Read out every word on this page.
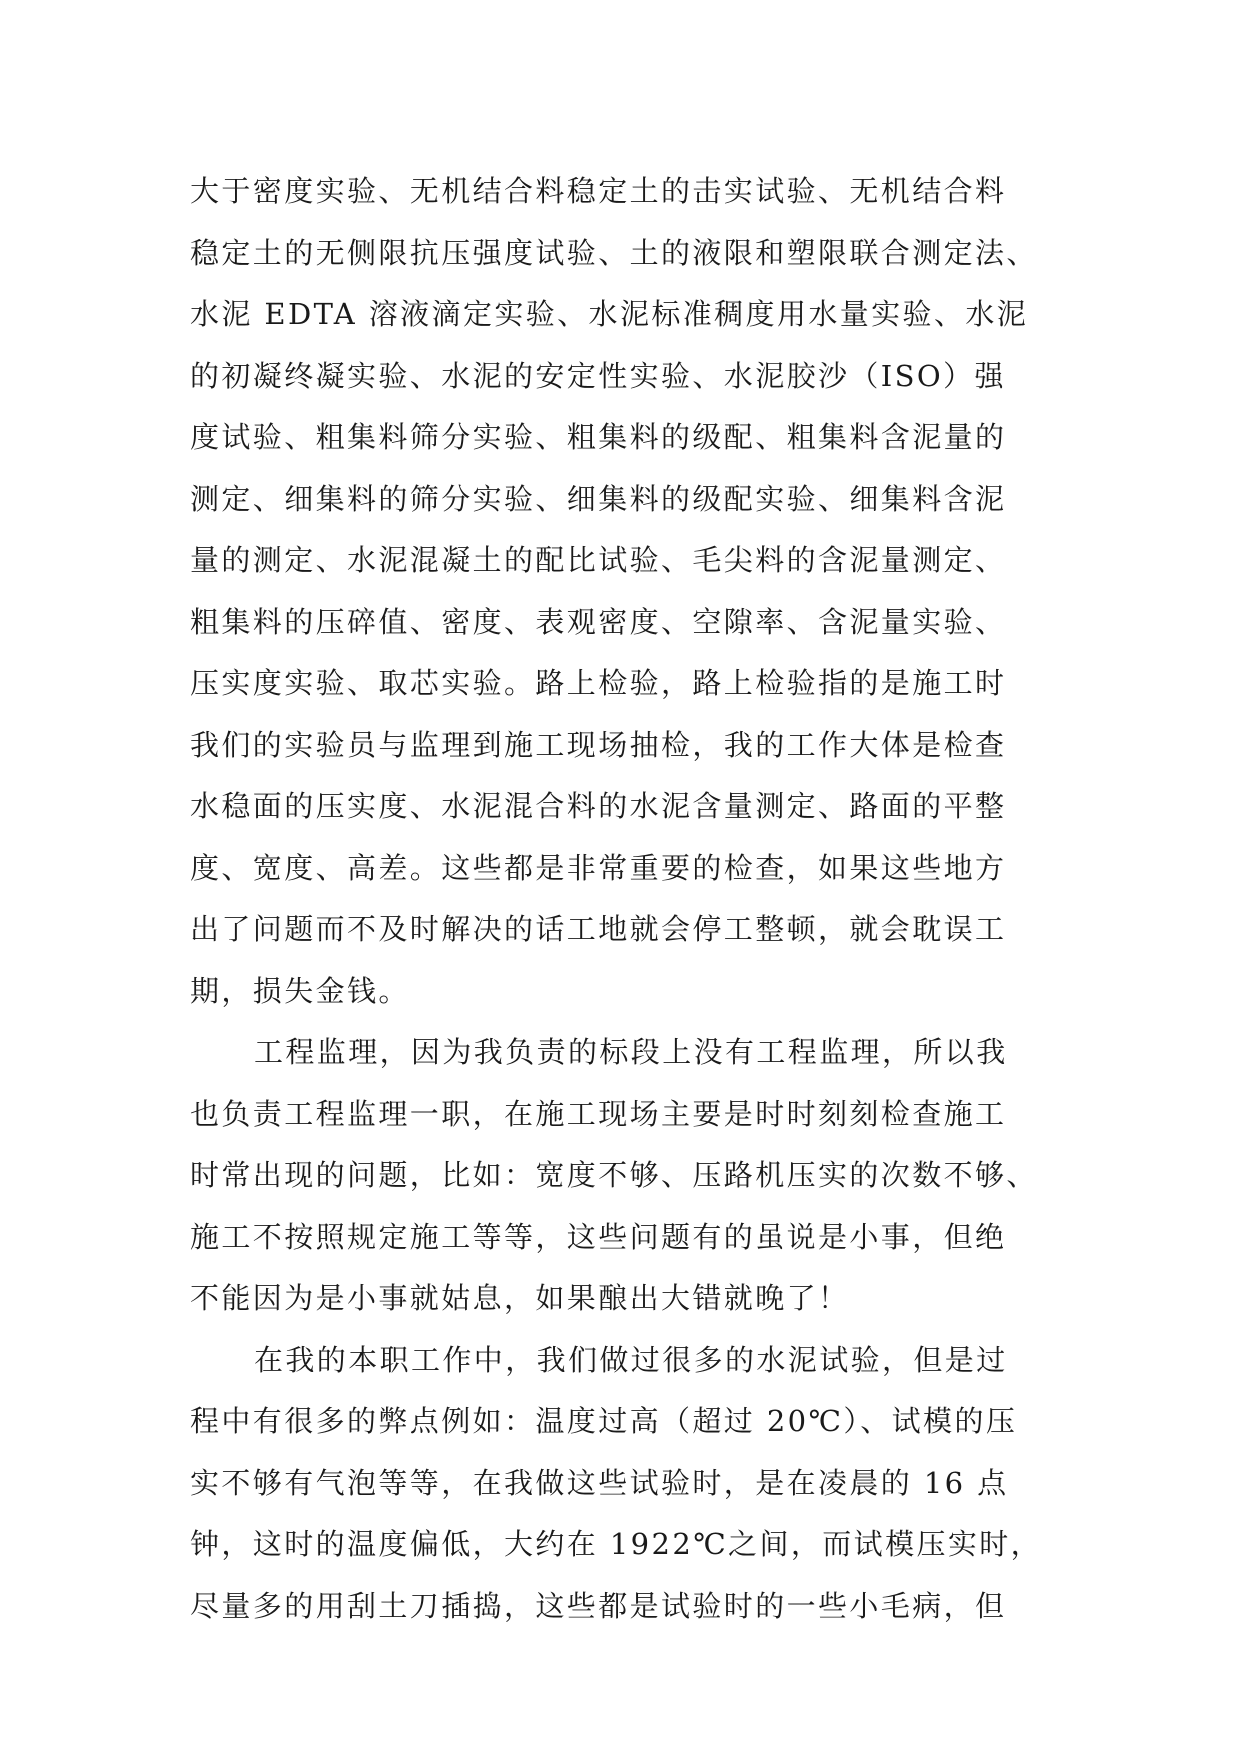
大于密度实验、无机结合料稳定土的击实试验、无机结合料
稳定土的无侧限抗压强度试验、土的液限和塑限联合测定法、
水泥 EDTA 溶液滴定实验、水泥标准稠度用水量实验、水泥
的初凝终凝实验、水泥的安定性实验、水泥胶沙（ISO）强
度试验、粗集料筛分实验、粗集料的级配、粗集料含泥量的
测定、细集料的筛分实验、细集料的级配实验、细集料含泥
量的测定、水泥混凝土的配比试验、毛尖料的含泥量测定、
粗集料的压碎值、密度、表观密度、空隙率、含泥量实验、
压实度实验、取芯实验。路上检验，路上检验指的是施工时
我们的实验员与监理到施工现场抽检，我的工作大体是检查
水稳面的压实度、水泥混合料的水泥含量测定、路面的平整
度、宽度、高差。这些都是非常重要的检查，如果这些地方
出了问题而不及时解决的话工地就会停工整顿，就会耽误工
期，损失金钱。
工程监理，因为我负责的标段上没有工程监理，所以我
也负责工程监理一职，在施工现场主要是时时刻刻检查施工
时常出现的问题，比如：宽度不够、压路机压实的次数不够、
施工不按照规定施工等等，这些问题有的虽说是小事，但绝
不能因为是小事就姑息，如果酿出大错就晚了！
在我的本职工作中，我们做过很多的水泥试验，但是过
程中有很多的弊点例如：温度过高（超过 20℃）、试模的压
实不够有气泡等等，在我做这些试验时，是在凌晨的 16 点
钟，这时的温度偏低，大约在 1922℃之间，而试模压实时，
尽量多的用刮土刀插捣，这些都是试验时的一些小毛病，但
